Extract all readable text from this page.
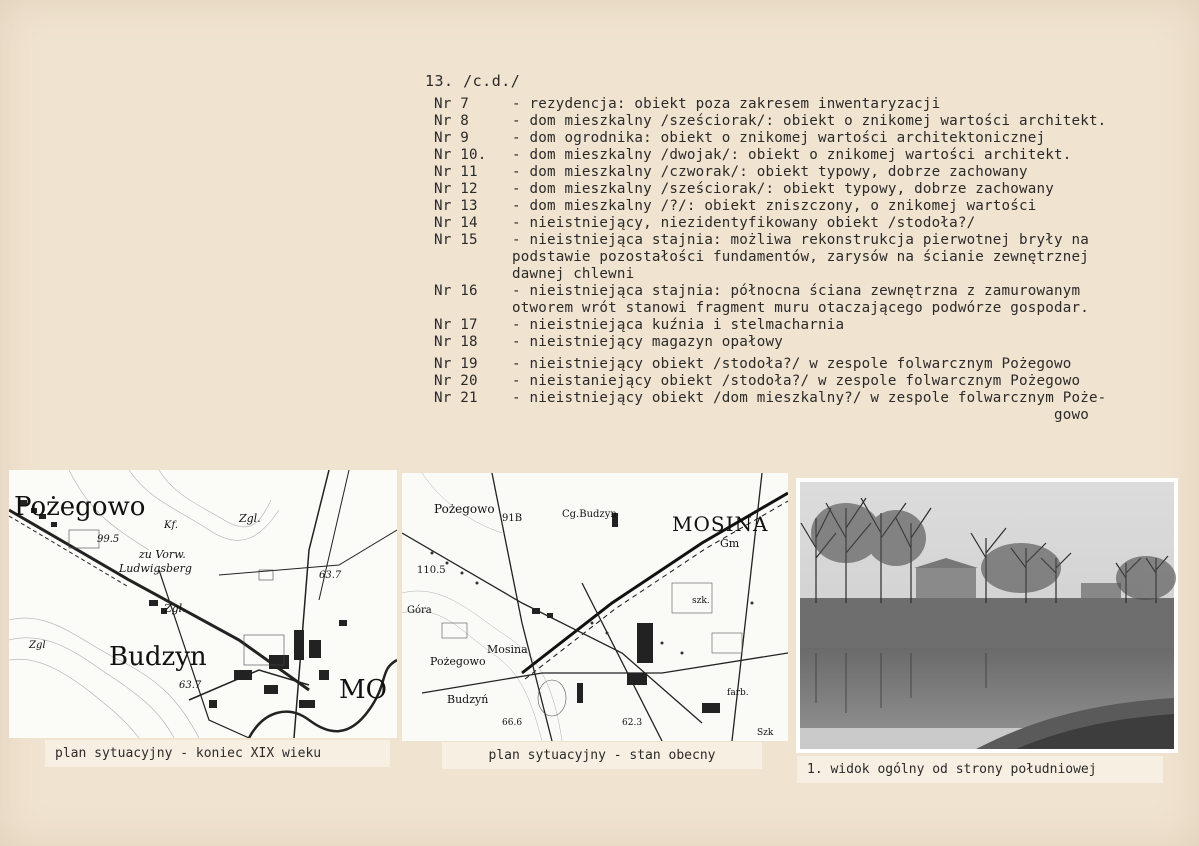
13. /c.d./
Nr 7	- rezydencja: obiekt poza zakresem inwentaryzacji
Nr 8	- dom mieszkalny /sześciorak/: obiekt o znikomej wartości architekt.
Nr 9	- dom ogrodnika: obiekt o znikomej wartości architektonicznej
Nr 10.	- dom mieszkalny /dwojak/: obiekt o znikomej wartości architekt.
Nr 11	- dom mieszkalny /czworak/: obiekt typowy, dobrze zachowany
Nr 12	- dom mieszkalny /sześciorak/: obiekt typowy, dobrze zachowany
Nr 13	- dom mieszkalny /?/: obiekt zniszczony, o znikomej wartości
Nr 14	- nieistniejący, niezidentyfikowany obiekt /stodoła?/
Nr 15	- nieistniejąca stajnia: możliwa rekonstrukcja pierwotnej bryły na
podstawie pozostałości fundamentów, zarysów na ścianie zewnętrznej
dawnej chlewni
Nr 16	- nieistniejąca stajnia: północna ściana zewnętrzna z zamurowanym
otworem wrót stanowi fragment muru otaczającego podwórze gospodar.
Nr 17	- nieistniejąca kuźnia i stelmacharnia
Nr 18	- nieistniejący magazyn opałowy
Nr 19	- nieistniejący obiekt /stodoła?/ w zespole folwarcznym Pożegowo
Nr 20	- nieistaniejący obiekt /stodoła?/ w zespole folwarcznym Pożegowo
Nr 21	- nieistniejący obiekt /dom mieszkalny?/ w zespole folwarcznym Poże-
gowo
Pożegowo
Budzyn
MO
Zgl.
Zgl.
Zgl
zu Vorw.
Ludwigsberg
99.5
63.7
63.7
Kf.
plan sytuacyjny - koniec XIX wieku
Pożegowo
MOSINA
Gm
Cg.Budzyn
91B
Góra
Mosina
Pożegowo
Budzyń
110.5
66.6	62.3
szk.
farb.
Szk
plan sytuacyjny - stan obecny
1. widok ogólny od strony południowej
